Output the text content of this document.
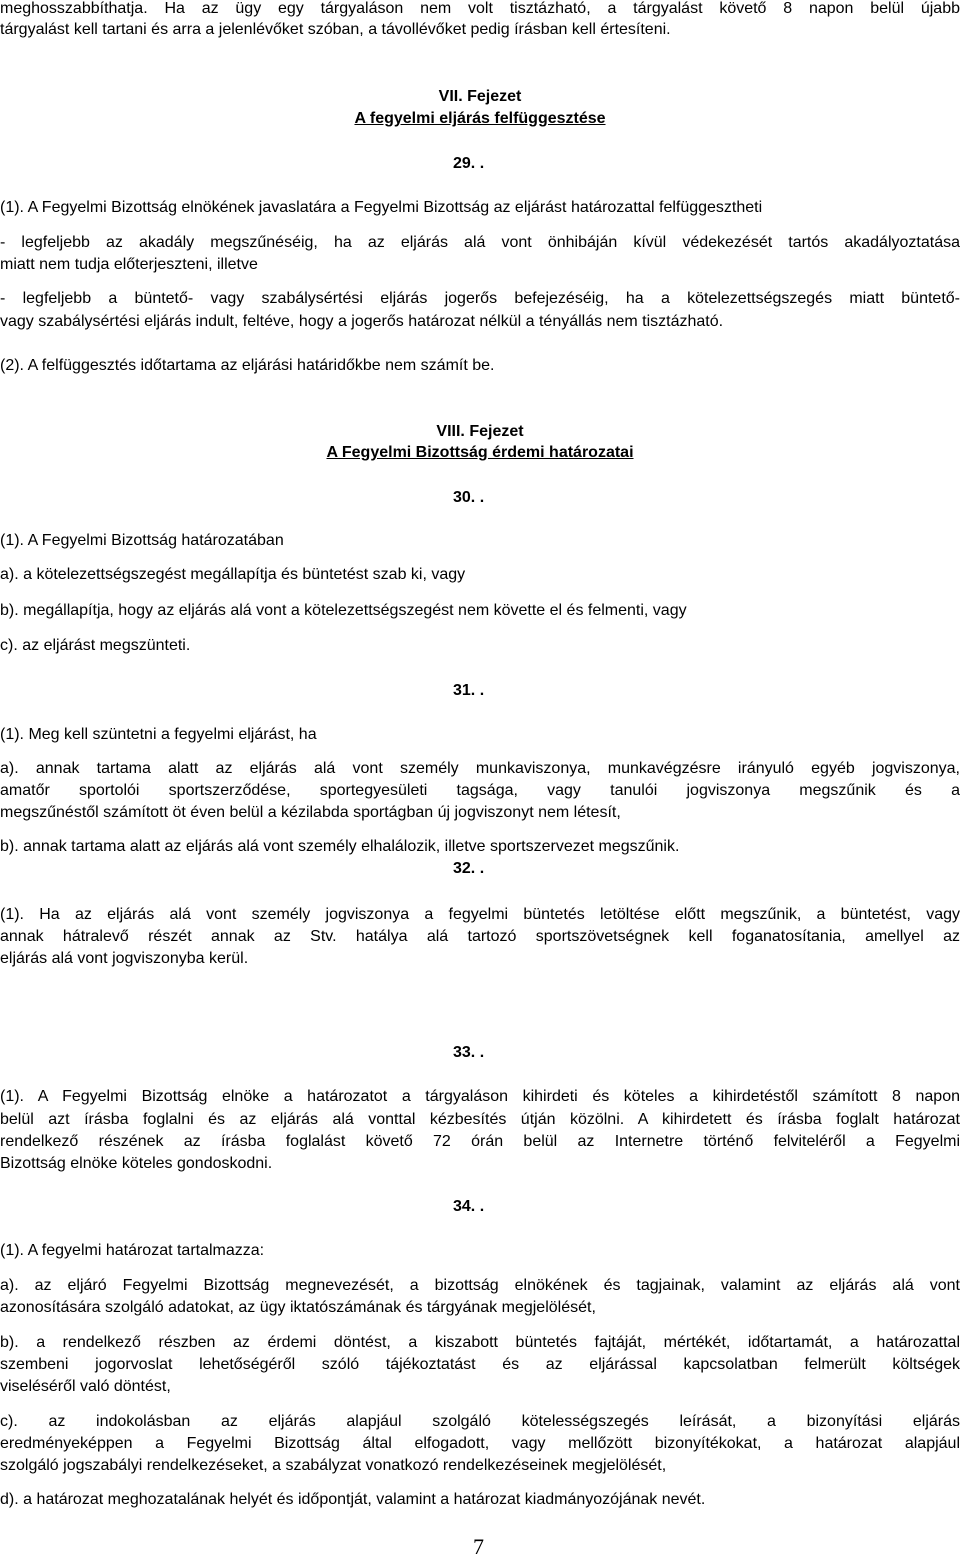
meghosszabbíthatja. Ha az ügy egy tárgyaláson nem volt tisztázható, a tárgyalást követő 8 napon belül újabb
tárgyalást kell tartani és arra a jelenlévőket szóban, a távollévőket pedig írásban kell értesíteni.
VII. Fejezet
A fegyelmi eljárás felfüggesztése
29. .
(1). A Fegyelmi Bizottság elnökének javaslatára a Fegyelmi Bizottság az eljárást határozattal felfüggesztheti
- legfeljebb az akadály megszűnéséig, ha az eljárás alá vont önhibáján kívül védekezését tartós akadályoztatása
miatt nem tudja előterjeszteni, illetve
- legfeljebb a büntető- vagy szabálysértési eljárás jogerős befejezéséig, ha a kötelezettségszegés miatt büntető-
vagy szabálysértési eljárás indult, feltéve, hogy a jogerős határozat nélkül a tényállás nem tisztázható.
(2). A felfüggesztés időtartama az eljárási határidőkbe nem számít be.
VIII. Fejezet
A Fegyelmi Bizottság érdemi határozatai
30. .
(1). A Fegyelmi Bizottság határozatában
a). a kötelezettségszegést megállapítja és büntetést szab ki, vagy
b). megállapítja, hogy az eljárás alá vont a kötelezettségszegést nem követte el és felmenti, vagy
c). az eljárást megszünteti.
31. .
(1). Meg kell szüntetni a fegyelmi eljárást, ha
a). annak tartama alatt az eljárás alá vont személy munkaviszonya, munkavégzésre irányuló egyéb jogviszonya,
amatőr sportolói sportszerződése, sportegyesületi tagsága, vagy tanulói jogviszonya megszűnik és a
megszűnéstől számított öt éven belül a kézilabda sportágban új jogviszonyt nem létesít,
b). annak tartama alatt az eljárás alá vont személy elhalálozik, illetve sportszervezet megszűnik.
32. .
(1). Ha az eljárás alá vont személy jogviszonya a fegyelmi büntetés letöltése előtt megszűnik, a büntetést, vagy
annak hátralevő részét annak az Stv. hatálya alá tartozó sportszövetségnek kell foganatosítania, amellyel az
eljárás alá vont jogviszonyba kerül.
33. .
(1). A Fegyelmi Bizottság elnöke a határozatot a tárgyaláson kihirdeti és köteles a kihirdetéstől számított 8 napon
belül azt írásba foglalni és az eljárás alá vonttal kézbesítés útján közölni. A kihirdetett és írásba foglalt határozat
rendelkező részének az írásba foglalást követő 72 órán belül az Internetre történő felviteléről a Fegyelmi
Bizottság elnöke köteles gondoskodni.
34. .
(1). A fegyelmi határozat tartalmazza:
a). az eljáró Fegyelmi Bizottság megnevezését, a bizottság elnökének és tagjainak, valamint az eljárás alá vont
azonosítására szolgáló adatokat, az ügy iktatószámának és tárgyának megjelölését,
b). a rendelkező részben az érdemi döntést, a kiszabott büntetés fajtáját, mértékét, időtartamát, a határozattal
szembeni jogorvoslat lehetőségéről szóló tájékoztatást és az eljárással kapcsolatban felmerült költségek
viseléséről való döntést,
c). az indokolásban az eljárás alapjául szolgáló kötelességszegés leírását, a bizonyítási eljárás
eredményeképpen a Fegyelmi Bizottság által elfogadott, vagy mellőzött bizonyítékokat, a határozat alapjául
szolgáló jogszabályi rendelkezéseket, a szabályzat vonatkozó rendelkezéseinek megjelölését,
d). a határozat meghozatalának helyét és időpontját, valamint a határozat kiadmányozójának nevét.
7
